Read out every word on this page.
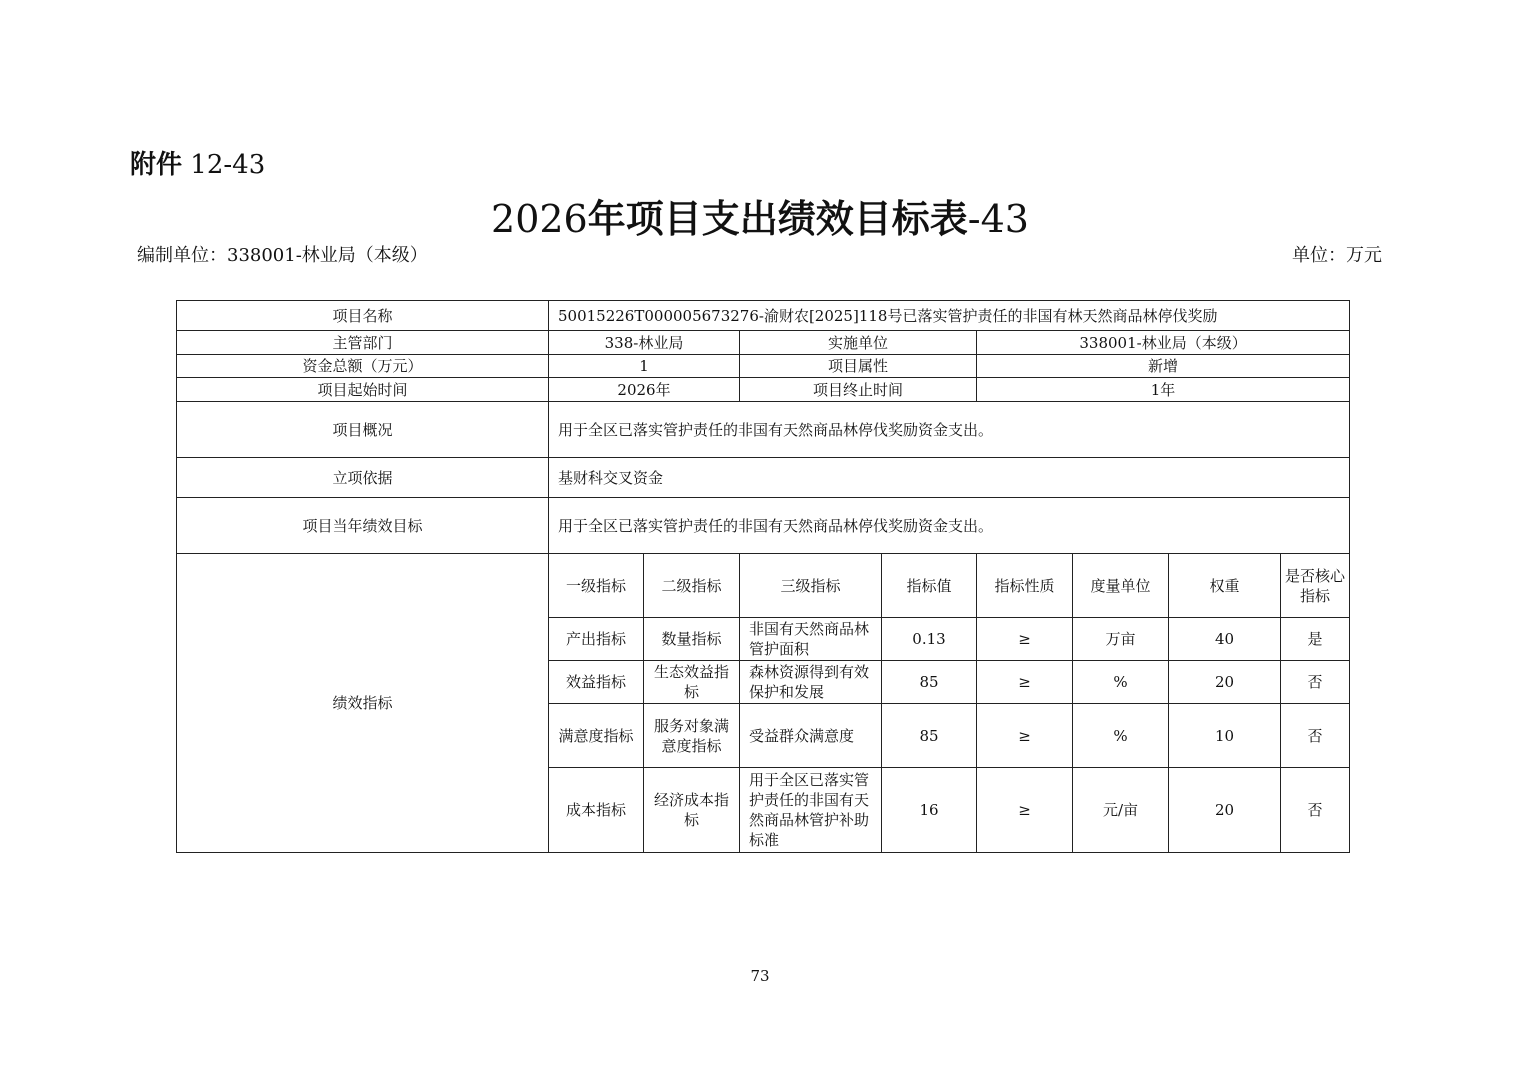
附件 12-43
2026年项目支出绩效目标表-43
编制单位：338001-林业局（本级）	单位：万元
项目名称	50015226T000005673276-渝财农[2025]118号已落实管护责任的非国有林天然商品林停伐奖励							
主管部门	338-林业局		实施单位		338001-林业局（本级）			
资金总额（万元）	1		项目属性		新增			
项目起始时间	2026年		项目终止时间		1年			
项目概况	用于全区已落实管护责任的非国有天然商品林停伐奖励资金支出。							
立项依据	基财科交叉资金							
项目当年绩效目标	用于全区已落实管护责任的非国有天然商品林停伐奖励资金支出。							
绩效指标	一级指标	二级指标	三级指标	指标值	指标性质	度量单位	权重	是否核心指标
	产出指标	数量指标	非国有天然商品林管护面积	0.13	≥	万亩	40	是
	效益指标	生态效益指标	森林资源得到有效保护和发展	85	≥	%	20	否
	满意度指标	服务对象满意度指标	受益群众满意度	85	≥	%	10	否
	成本指标	经济成本指标	用于全区已落实管护责任的非国有天然商品林管护补助标准	16	≥	元/亩	20	否
73
